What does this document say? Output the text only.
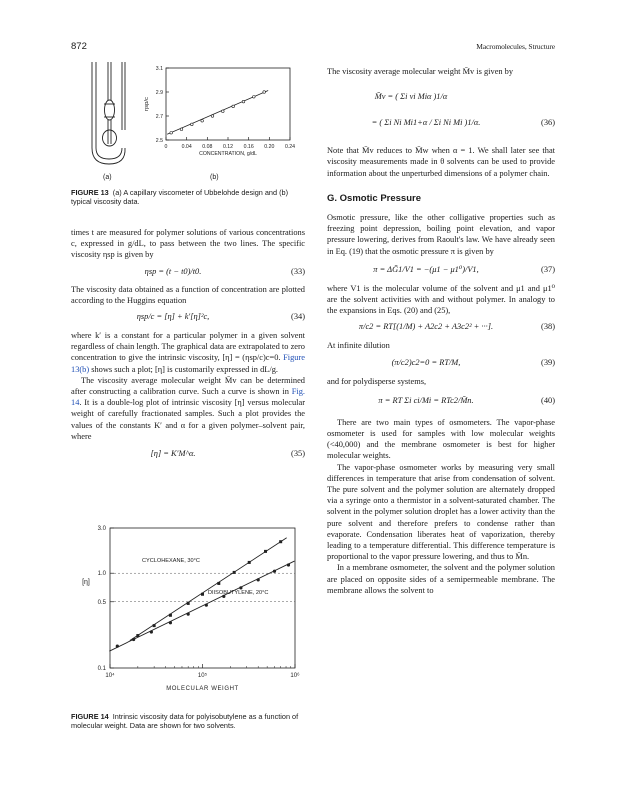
872	Macromolecules, Structure
(a)	(b)
0	0.04 0.08 0.12 0.16 0.20 0.24
2.5
2.7
2.9
3.1
CONCENTRATION, g/dL
ηsp/c
FIGURE 13 (a) A capillary viscometer of Ubbelohde design and (b) typical viscosity data.

times t are measured for polymer solutions of various concentrations c, expressed in g/dL, to pass between the two lines. The specific viscosity ηsp is given by

ηsp = (t − t0)/t0.	(33)

The viscosity data obtained as a function of concentration are plotted according to the Huggins equation

ηsp/c = [η] + k′[η]²c,	(34)

where k′ is a constant for a particular polymer in a given solvent regardless of chain length. The graphical data are extrapolated to zero concentration to give the intrinsic viscosity, [η] = (ηsp/c)c=0. Figure 13(b) shows such a plot; [η] is customarily expressed in dL/g.

The viscosity average molecular weight M̄v can be determined after constructing a calibration curve. Such a curve is shown in Fig. 14. It is a double-log plot of intrinsic viscosity [η] versus molecular weight of carefully fractionated samples. Such a plot provides the values of the constants K′ and α for a given polymer–solvent pair, where

[η] = K′M^α.	(35)
10⁴	10⁵	10⁶
0.1
0.5
1.0
3.0
MOLECULAR WEIGHT
[η]
CYCLOHEXANE, 30°C
DIISOBUTYLENE, 20°C
FIGURE 14 Intrinsic viscosity data for polyisobutylene as a function of molecular weight. Data are shown for two solvents.

The viscosity average molecular weight M̄v is given by

M̄v = ( Σi vi Miα )1/α
= ( Σi Ni Mi1+α / Σi Ni Mi )1/α.	(36)

Note that M̄v reduces to M̄w when α = 1. We shall later see that viscosity measurements made in θ solvents can be used to provide information about the unperturbed dimensions of a polymer chain.

G. Osmotic Pressure

Osmotic pressure, like the other colligative properties such as freezing point depression, boiling point elevation, and vapor pressure lowering, derives from Raoult's law. We have already seen in Eq. (19) that the osmotic pressure π is given by

π = ΔḠ1/V1 = −(μ1 − μ1⁰)/V1,	(37)

where V1 is the molecular volume of the solvent and μ1 and μ1⁰ are the solvent activities with and without polymer. In analogy to the expansions in Eqs. (20) and (25),

π/c2 = RT[(1/M) + A2c2 + A3c2² + ···].	(38)

At infinite dilution

(π/c2)c2=0 = RT/M,	(39)

and for polydisperse systems,

π = RT Σi ci/Mi = RTc2/M̄n.	(40)

There are two main types of osmometers. The vapor-phase osmometer is used for samples with low molecular weights (<40,000) and the membrane osmometer is best for higher molecular weights.

The vapor-phase osmometer works by measuring very small differences in temperature that arise from condensation of solvent. The pure solvent and the polymer solution are alternately dropped via a syringe onto a thermistor in a solvent-saturated chamber. The solvent in the polymer solution droplet has a lower activity than the pure solvent and therefore prefers to condense rather than evaporate. Condensation liberates heat of vaporization, thereby leading to a temperature differential. This difference temperature is proportional to the vapor pressure lowering, and thus to M̄n.

In a membrane osmometer, the solvent and the polymer solution are placed on opposite sides of a semipermeable membrane. The membrane allows the solvent to
